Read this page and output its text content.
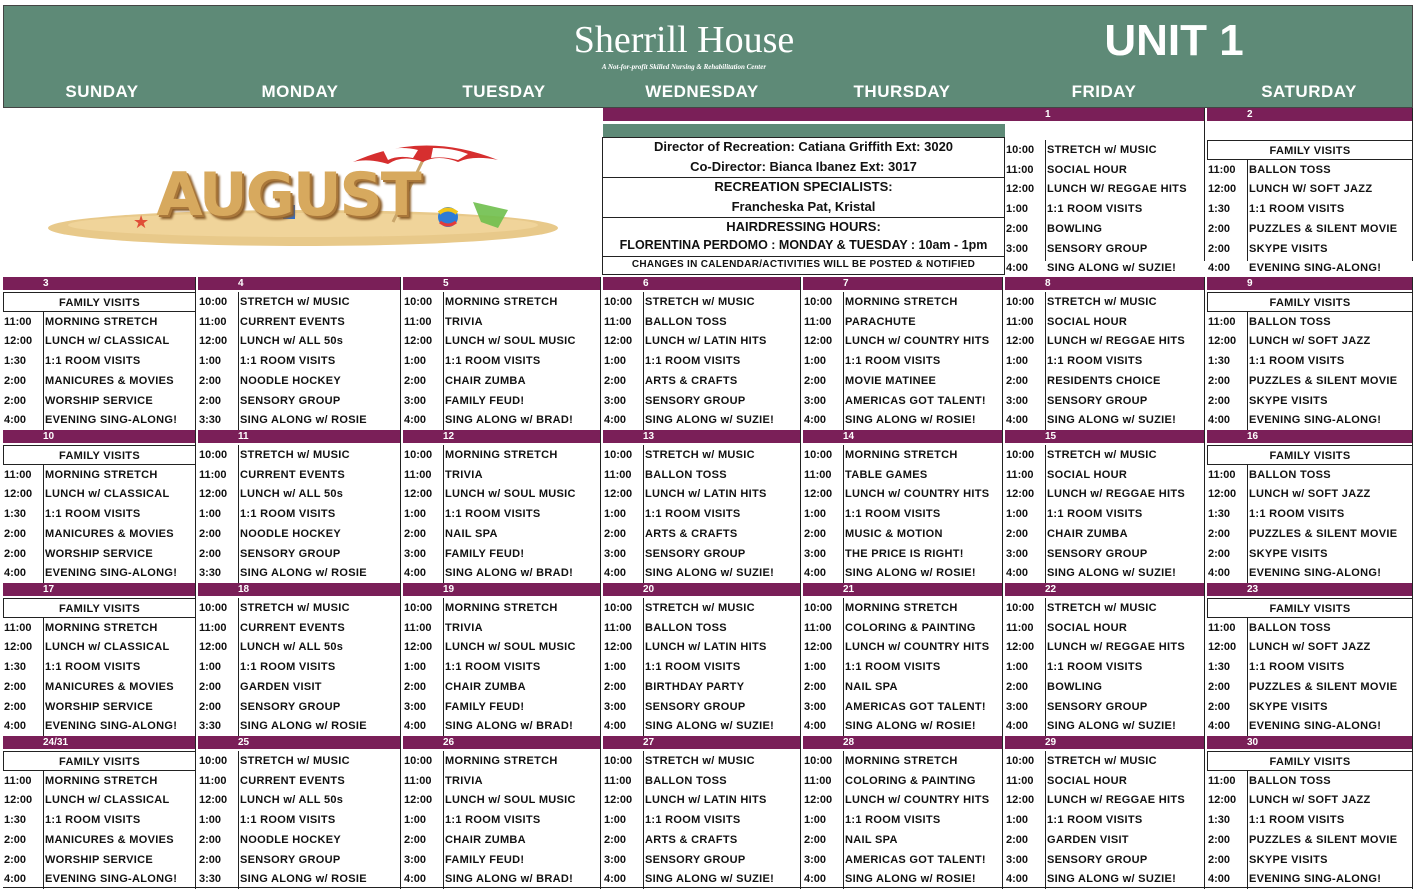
Sherrill House
A Not-for-profit Skilled Nursing & Rehabilitation Center
UNIT 1
SUNDAY	MONDAY	TUESDAY	WEDNESDAY	THURSDAY	FRIDAY	SATURDAY
★ AUGUST
Director of Recreation: Catiana Griffith Ext: 3020
Co-Director: Bianca Ibanez Ext: 3017
RECREATION SPECIALISTS:
Francheska Pat, Kristal
HAIRDRESSING HOURS:
FLORENTINA PERDOMO : MONDAY & TUESDAY : 10am - 1pm
CHANGES IN CALENDAR/ACTIVITIES WILL BE POSTED & NOTIFIED
1
10:00 STRETCH w/ MUSIC
11:00 SOCIAL HOUR
12:00 LUNCH W/ REGGAE HITS
1:00 1:1 ROOM VISITS
2:00 BOWLING
3:00 SENSORY GROUP
4:00 SING ALONG w/ SUZIE!
2
FAMILY VISITS
11:00 BALLON TOSS
12:00 LUNCH W/ SOFT JAZZ
1:30 1:1 ROOM VISITS
2:00 PUZZLES & SILENT MOVIE
2:00 SKYPE VISITS
4:00 EVENING SING-ALONG!
3
FAMILY VISITS
11:00 MORNING STRETCH
12:00 LUNCH w/ CLASSICAL
1:30 1:1 ROOM VISITS
2:00 MANICURES & MOVIES
2:00 WORSHIP SERVICE
4:00 EVENING SING-ALONG!
4
10:00 STRETCH w/ MUSIC
11:00 CURRENT EVENTS
12:00 LUNCH w/ ALL 50s
1:00 1:1 ROOM VISITS
2:00 NOODLE HOCKEY
2:00 SENSORY GROUP
3:30 SING ALONG w/ ROSIE
5
10:00 MORNING STRETCH
11:00 TRIVIA
12:00 LUNCH w/ SOUL MUSIC
1:00 1:1 ROOM VISITS
2:00 CHAIR ZUMBA
3:00 FAMILY FEUD!
4:00 SING ALONG w/ BRAD!
6
10:00 STRETCH w/ MUSIC
11:00 BALLON TOSS
12:00 LUNCH w/ LATIN HITS
1:00 1:1 ROOM VISITS
2:00 ARTS & CRAFTS
3:00 SENSORY GROUP
4:00 SING ALONG w/ SUZIE!
7
10:00 MORNING STRETCH
11:00 PARACHUTE
12:00 LUNCH w/ COUNTRY HITS
1:00 1:1 ROOM VISITS
2:00 MOVIE MATINEE
3:00 AMERICAS GOT TALENT!
4:00 SING ALONG w/ ROSIE!
8
10:00 STRETCH w/ MUSIC
11:00 SOCIAL HOUR
12:00 LUNCH w/ REGGAE HITS
1:00 1:1 ROOM VISITS
2:00 RESIDENTS CHOICE
3:00 SENSORY GROUP
4:00 SING ALONG w/ SUZIE!
9
FAMILY VISITS
11:00 BALLON TOSS
12:00 LUNCH w/ SOFT JAZZ
1:30 1:1 ROOM VISITS
2:00 PUZZLES & SILENT MOVIE
2:00 SKYPE VISITS
4:00 EVENING SING-ALONG!
10
FAMILY VISITS
11:00 MORNING STRETCH
12:00 LUNCH w/ CLASSICAL
1:30 1:1 ROOM VISITS
2:00 MANICURES & MOVIES
2:00 WORSHIP SERVICE
4:00 EVENING SING-ALONG!
11
10:00 STRETCH w/ MUSIC
11:00 CURRENT EVENTS
12:00 LUNCH w/ ALL 50s
1:00 1:1 ROOM VISITS
2:00 NOODLE HOCKEY
2:00 SENSORY GROUP
3:30 SING ALONG w/ ROSIE
12
10:00 MORNING STRETCH
11:00 TRIVIA
12:00 LUNCH w/ SOUL MUSIC
1:00 1:1 ROOM VISITS
2:00 NAIL SPA
3:00 FAMILY FEUD!
4:00 SING ALONG w/ BRAD!
13
10:00 STRETCH w/ MUSIC
11:00 BALLON TOSS
12:00 LUNCH w/ LATIN HITS
1:00 1:1 ROOM VISITS
2:00 ARTS & CRAFTS
3:00 SENSORY GROUP
4:00 SING ALONG w/ SUZIE!
14
10:00 MORNING STRETCH
11:00 TABLE GAMES
12:00 LUNCH w/ COUNTRY HITS
1:00 1:1 ROOM VISITS
2:00 MUSIC & MOTION
3:00 THE PRICE IS RIGHT!
4:00 SING ALONG w/ ROSIE!
15
10:00 STRETCH w/ MUSIC
11:00 SOCIAL HOUR
12:00 LUNCH w/ REGGAE HITS
1:00 1:1 ROOM VISITS
2:00 CHAIR ZUMBA
3:00 SENSORY GROUP
4:00 SING ALONG w/ SUZIE!
16
FAMILY VISITS
11:00 BALLON TOSS
12:00 LUNCH w/ SOFT JAZZ
1:30 1:1 ROOM VISITS
2:00 PUZZLES & SILENT MOVIE
2:00 SKYPE VISITS
4:00 EVENING SING-ALONG!
17
FAMILY VISITS
11:00 MORNING STRETCH
12:00 LUNCH w/ CLASSICAL
1:30 1:1 ROOM VISITS
2:00 MANICURES & MOVIES
2:00 WORSHIP SERVICE
4:00 EVENING SING-ALONG!
18
10:00 STRETCH w/ MUSIC
11:00 CURRENT EVENTS
12:00 LUNCH w/ ALL 50s
1:00 1:1 ROOM VISITS
2:00 GARDEN VISIT
2:00 SENSORY GROUP
3:30 SING ALONG w/ ROSIE
19
10:00 MORNING STRETCH
11:00 TRIVIA
12:00 LUNCH w/ SOUL MUSIC
1:00 1:1 ROOM VISITS
2:00 CHAIR ZUMBA
3:00 FAMILY FEUD!
4:00 SING ALONG w/ BRAD!
20
10:00 STRETCH w/ MUSIC
11:00 BALLON TOSS
12:00 LUNCH w/ LATIN HITS
1:00 1:1 ROOM VISITS
2:00 BIRTHDAY PARTY
3:00 SENSORY GROUP
4:00 SING ALONG w/ SUZIE!
21
10:00 MORNING STRETCH
11:00 COLORING & PAINTING
12:00 LUNCH w/ COUNTRY HITS
1:00 1:1 ROOM VISITS
2:00 NAIL SPA
3:00 AMERICAS GOT TALENT!
4:00 SING ALONG w/ ROSIE!
22
10:00 STRETCH w/ MUSIC
11:00 SOCIAL HOUR
12:00 LUNCH w/ REGGAE HITS
1:00 1:1 ROOM VISITS
2:00 BOWLING
3:00 SENSORY GROUP
4:00 SING ALONG w/ SUZIE!
23
FAMILY VISITS
11:00 BALLON TOSS
12:00 LUNCH w/ SOFT JAZZ
1:30 1:1 ROOM VISITS
2:00 PUZZLES & SILENT MOVIE
2:00 SKYPE VISITS
4:00 EVENING SING-ALONG!
24/31
FAMILY VISITS
11:00 MORNING STRETCH
12:00 LUNCH w/ CLASSICAL
1:30 1:1 ROOM VISITS
2:00 MANICURES & MOVIES
2:00 WORSHIP SERVICE
4:00 EVENING SING-ALONG!
25
10:00 STRETCH w/ MUSIC
11:00 CURRENT EVENTS
12:00 LUNCH w/ ALL 50s
1:00 1:1 ROOM VISITS
2:00 NOODLE HOCKEY
2:00 SENSORY GROUP
3:30 SING ALONG w/ ROSIE
26
10:00 MORNING STRETCH
11:00 TRIVIA
12:00 LUNCH w/ SOUL MUSIC
1:00 1:1 ROOM VISITS
2:00 CHAIR ZUMBA
3:00 FAMILY FEUD!
4:00 SING ALONG w/ BRAD!
27
10:00 STRETCH w/ MUSIC
11:00 BALLON TOSS
12:00 LUNCH w/ LATIN HITS
1:00 1:1 ROOM VISITS
2:00 ARTS & CRAFTS
3:00 SENSORY GROUP
4:00 SING ALONG w/ SUZIE!
28
10:00 MORNING STRETCH
11:00 COLORING & PAINTING
12:00 LUNCH w/ COUNTRY HITS
1:00 1:1 ROOM VISITS
2:00 NAIL SPA
3:00 AMERICAS GOT TALENT!
4:00 SING ALONG w/ ROSIE!
29
10:00 STRETCH w/ MUSIC
11:00 SOCIAL HOUR
12:00 LUNCH w/ REGGAE HITS
1:00 1:1 ROOM VISITS
2:00 GARDEN VISIT
3:00 SENSORY GROUP
4:00 SING ALONG w/ SUZIE!
30
FAMILY VISITS
11:00 BALLON TOSS
12:00 LUNCH w/ SOFT JAZZ
1:30 1:1 ROOM VISITS
2:00 PUZZLES & SILENT MOVIE
2:00 SKYPE VISITS
4:00 EVENING SING-ALONG!
